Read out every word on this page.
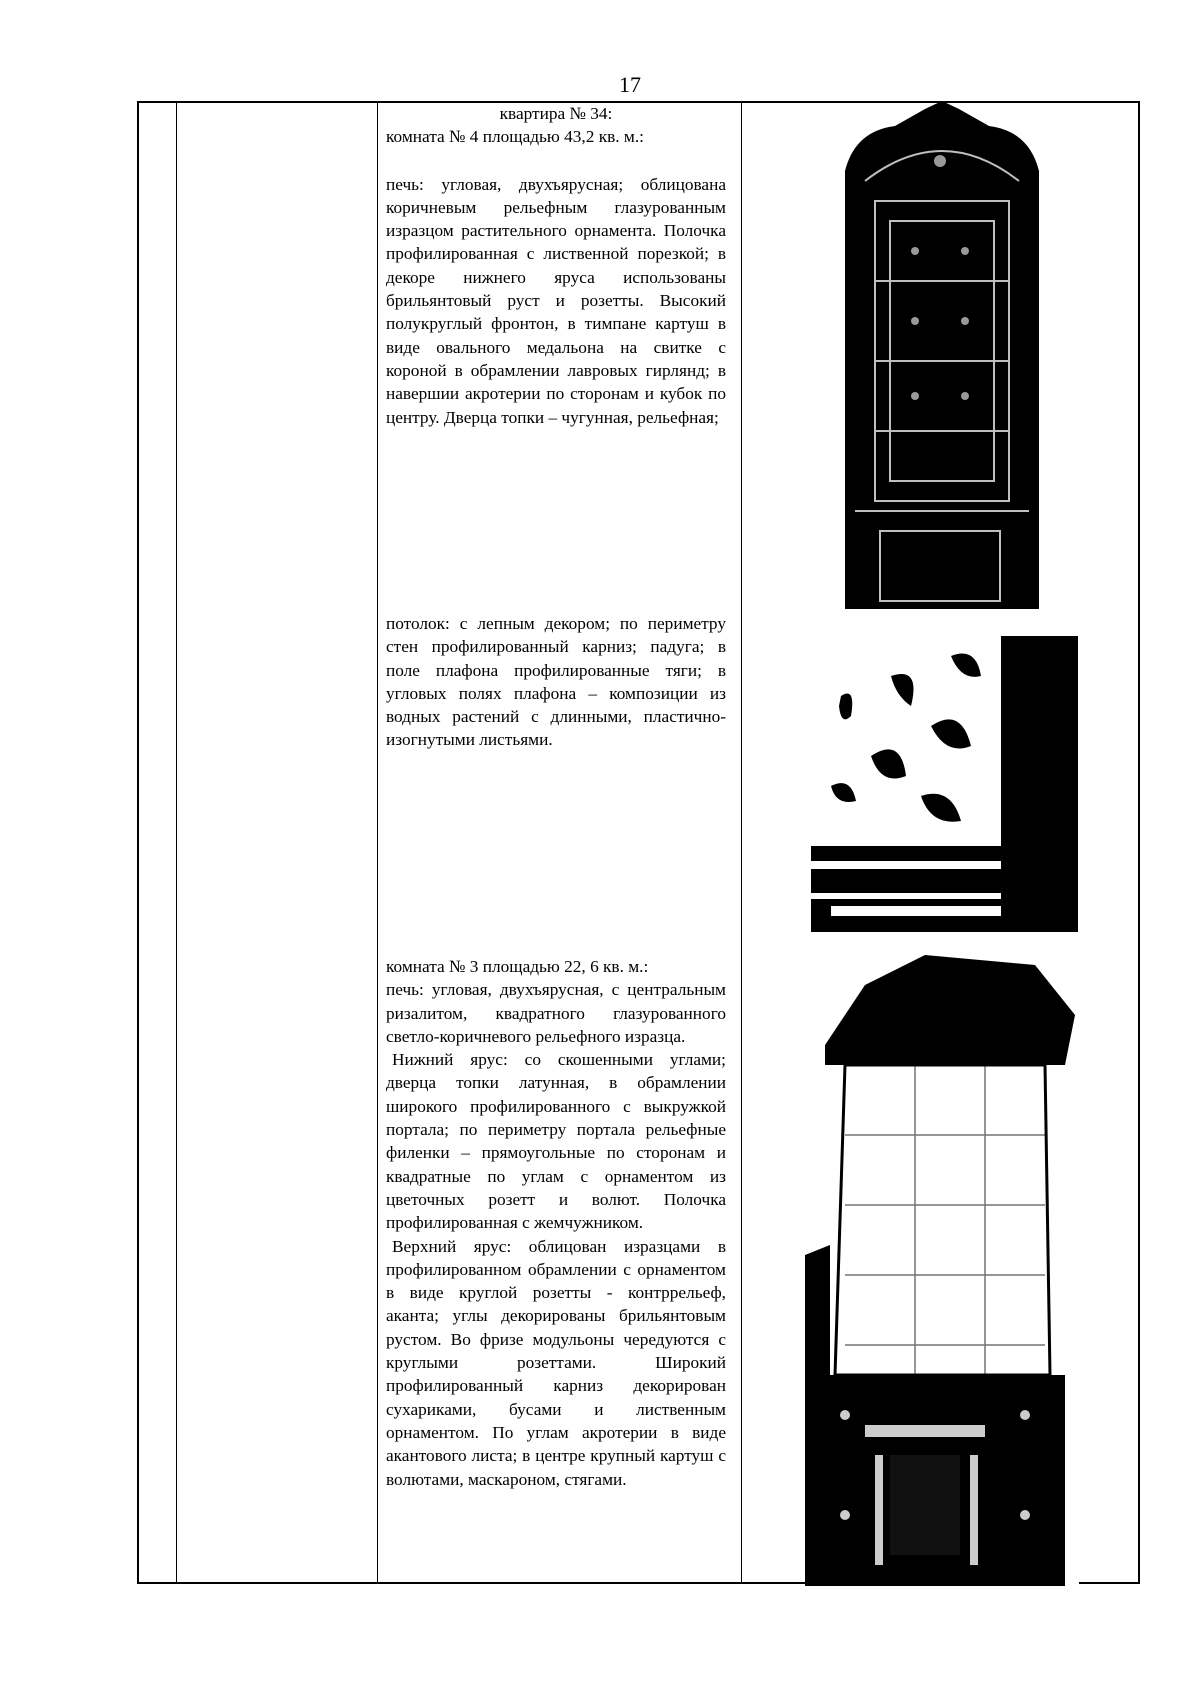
17

квартира № 34:

комната № 4 площадью 43,2 кв. м.:

печь: угловая, двухъярусная; облицована коричневым рельефным глазурованным изразцом растительного орнамента. Полочка профилированная с лиственной порезкой; в декоре нижнего яруса использованы брильянтовый руст и розетты. Высокий полукруглый фронтон, в тимпане картуш в виде овального медальона на свитке с короной в обрамлении лавровых гирлянд; в навершии акротерии по сторонам и кубок по центру. Дверца топки – чугунная, рельефная;

потолок: с лепным декором; по периметру стен профилированный карниз; падуга; в поле плафона профилированные тяги; в угловых полях плафона – композиции из водных растений с длинными, пластично-изогнутыми листьями.

комната № 3 площадью 22, 6 кв. м.:

печь: угловая, двухъярусная, с центральным ризалитом, квадратного глазурованного светло-коричневого рельефного изразца.

Нижний ярус: со скошенными углами; дверца топки латунная, в обрамлении широкого профилированного с выкружкой портала; по периметру портала рельефные филенки – прямоугольные по сторонам и квадратные по углам с орнаментом из цветочных розетт и волют. Полочка профилированная с жемчужником.

Верхний ярус: облицован изразцами в профилированном обрамлении с орнаментом в виде круглой розетты - контррельеф, аканта; углы декорированы брильянтовым рустом. Во фризе модульоны чередуются с круглыми розеттами. Широкий профилированный карниз декорирован сухариками, бусами и лиственным орнаментом. По углам акротерии в виде акантового листа; в центре крупный картуш с волютами, маскароном, стягами.
